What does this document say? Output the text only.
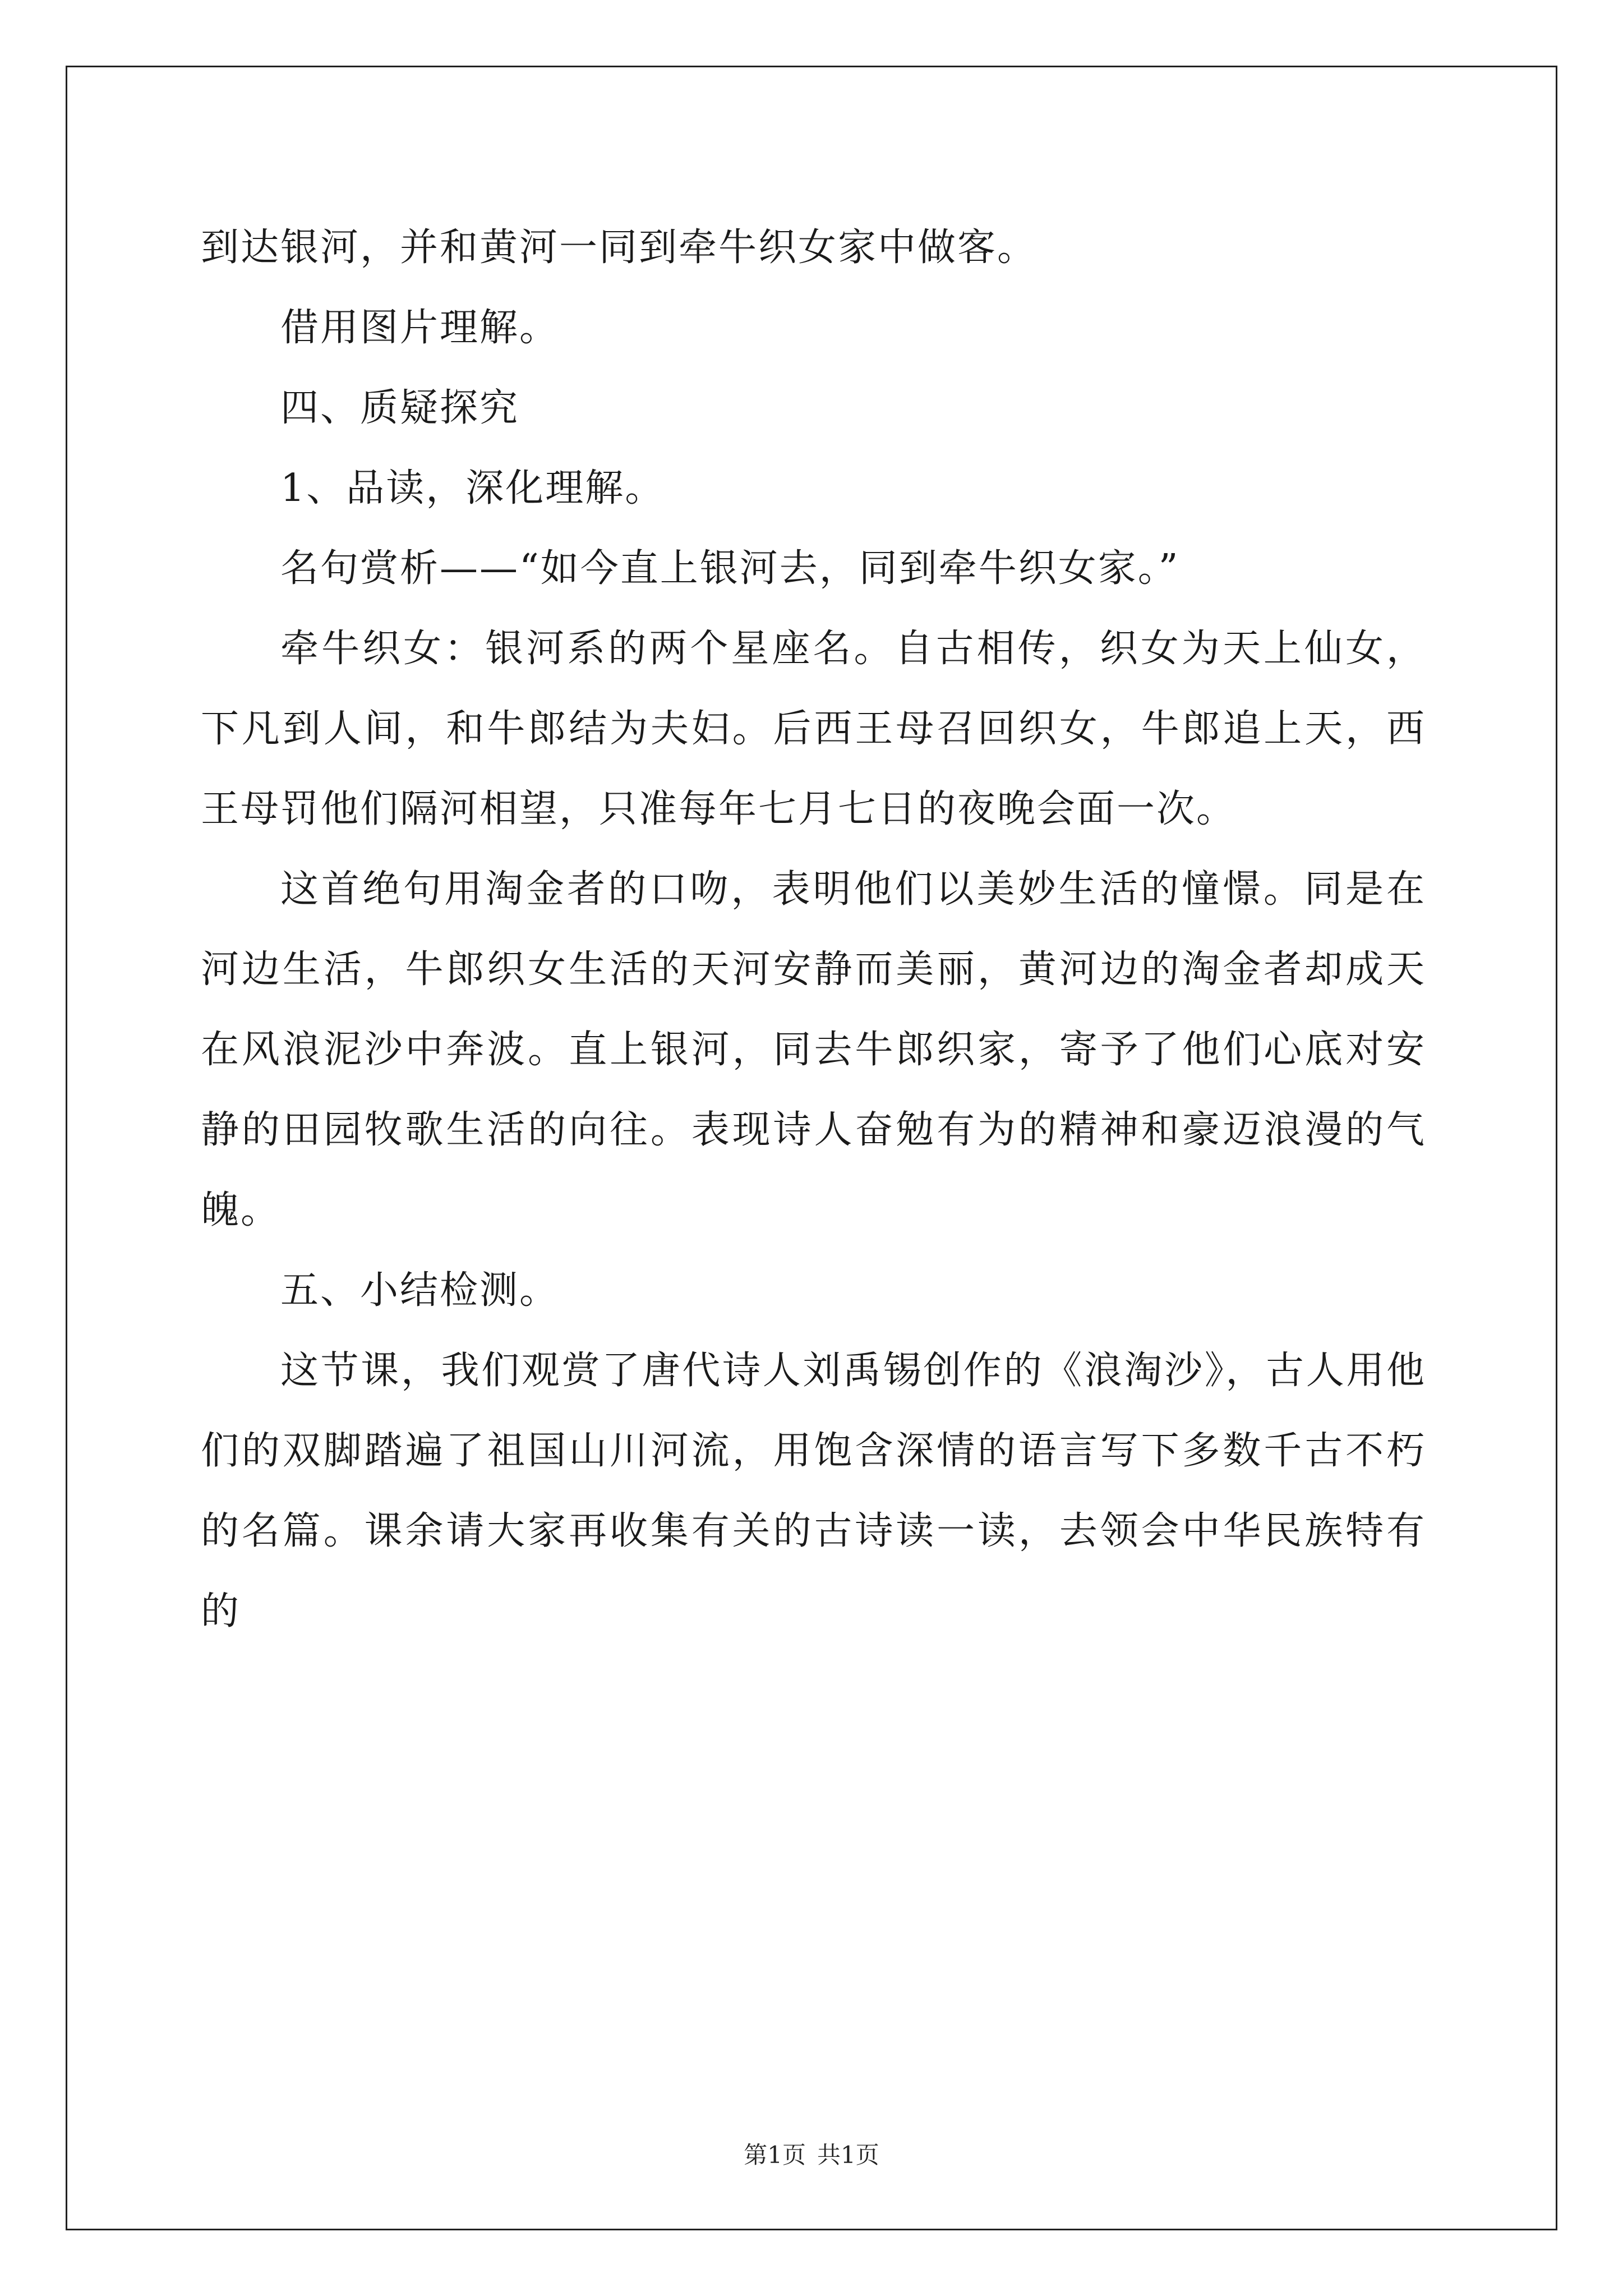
到达银河，并和黄河一同到牵牛织女家中做客。

借用图片理解。

四、质疑探究

1、品读，深化理解。

名句赏析——“如今直上银河去，同到牵牛织女家。”

牵牛织女：银河系的两个星座名。自古相传，织女为天上仙女，下凡到人间，和牛郎结为夫妇。后西王母召回织女，牛郎追上天，西王母罚他们隔河相望，只准每年七月七日的夜晚会面一次。

这首绝句用淘金者的口吻，表明他们以美妙生活的憧憬。同是在河边生活，牛郎织女生活的天河安静而美丽，黄河边的淘金者却成天在风浪泥沙中奔波。直上银河，同去牛郎织家，寄予了他们心底对安静的田园牧歌生活的向往。表现诗人奋勉有为的精神和豪迈浪漫的气魄。

五、小结检测。

这节课，我们观赏了唐代诗人刘禹锡创作的《浪淘沙》，古人用他们的双脚踏遍了祖国山川河流，用饱含深情的语言写下多数千古不朽的名篇。课余请大家再收集有关的古诗读一读，去领会中华民族特有的

第1页 共1页
